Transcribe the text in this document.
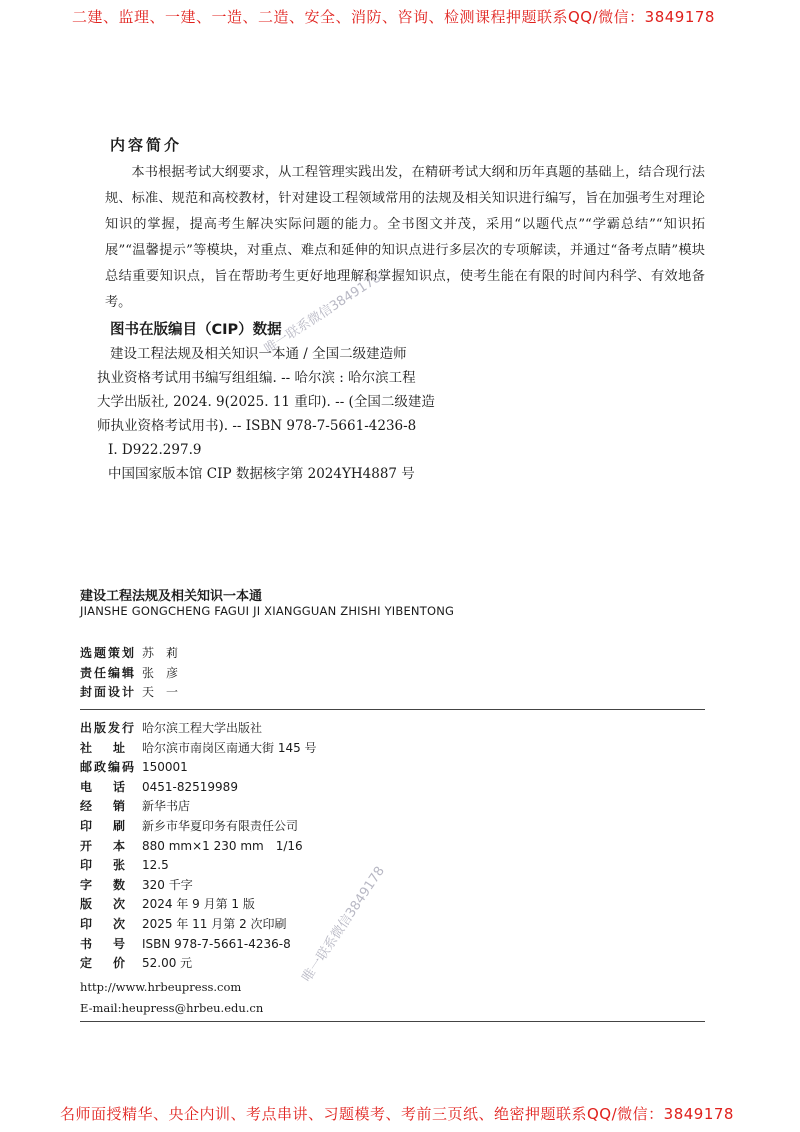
二建、监理、一建、一造、二造、安全、消防、咨询、检测课程押题联系QQ/微信：3849178
内容简介

本书根据考试大纲要求，从工程管理实践出发，在精研考试大纲和历年真题的基础上，结合现行法规、标准、规范和高校教材，针对建设工程领域常用的法规及相关知识进行编写，旨在加强考生对理论知识的掌握，提高考生解决实际问题的能力。全书图文并茂，采用“以题代点”“学霸总结”“知识拓展”“温馨提示”等模块，对重点、难点和延伸的知识点进行多层次的专项解读，并通过“备考点睛”模块总结重要知识点，旨在帮助考生更好地理解和掌握知识点，使考生能在有限的时间内科学、有效地备考。	唯一联系微信3849178
图书在版编目（CIP）数据
建设工程法规及相关知识一本通 / 全国二级建造师
执业资格考试用书编写组组编. -- 哈尔滨 : 哈尔滨工程
大学出版社, 2024. 9(2025. 11 重印). -- (全国二级建造
师执业资格考试用书). -- ISBN 978-7-5661-4236-8
Ⅰ. D922.297.9
中国国家版本馆 CIP 数据核字第 2024YH4887 号
建设工程法规及相关知识一本通
JIANSHE GONGCHENG FAGUI JI XIANGGUAN ZHISHI YIBENTONG
选题策划 苏　莉
责任编辑 张　彦
封面设计 天　一
出版发行 哈尔滨工程大学出版社
社 址 哈尔滨市南岗区南通大街 145 号
邮政编码 150001
电 话 0451-82519989
经 销 新华书店
印 刷 新乡市华夏印务有限责任公司
开 本 880 mm×1 230 mm　1/16
印 张 12.5
字 数 320 千字
版 次 2024 年 9 月第 1 版
印 次 2025 年 11 月第 2 次印刷
书 号 ISBN 978-7-5661-4236-8
定 价 52.00 元
http://www.hrbeupress.com
E-mail:heupress@hrbeu.edu.cn
唯一联系微信3849178
名师面授精华、央企内训、考点串讲、习题模考、考前三页纸、绝密押题联系QQ/微信：3849178
